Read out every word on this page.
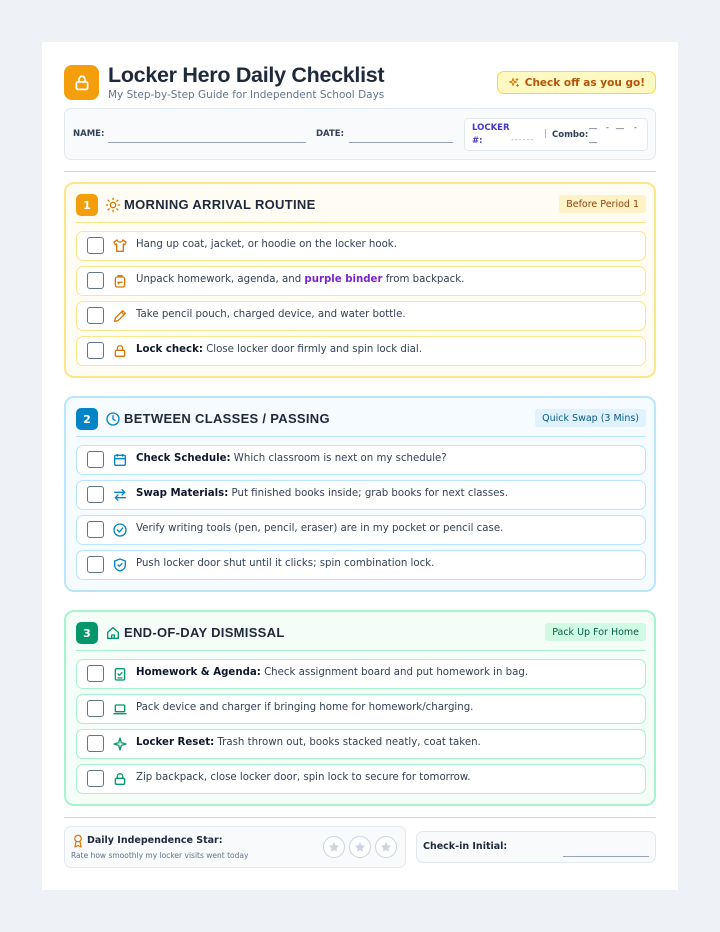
Locker Hero Daily Checklist
My Step-by-Step Guide for Independent School Days
Check off as you go!
NAME:	DATE:
LOCKER #:	------
| Combo:
__ - __ -
__
1	MORNING ARRIVAL ROUTINE	Before Period 1
Hang up coat, jacket, or hoodie on the locker hook.
Unpack homework, agenda, and purple binder from backpack.
Take pencil pouch, charged device, and water bottle.
Lock check: Close locker door firmly and spin lock dial.
2	BETWEEN CLASSES / PASSING	Quick Swap (3 Mins)
Check Schedule: Which classroom is next on my schedule?
Swap Materials: Put finished books inside; grab books for next classes.
Verify writing tools (pen, pencil, eraser) are in my pocket or pencil case.
Push locker door shut until it clicks; spin combination lock.
3	END-OF-DAY DISMISSAL	Pack Up For Home
Homework & Agenda: Check assignment board and put homework in bag.
Pack device and charger if bringing home for homework/charging.
Locker Reset: Trash thrown out, books stacked neatly, coat taken.
Zip backpack, close locker door, spin lock to secure for tomorrow.
Daily Independence Star:
Rate how smoothly my locker visits went today
Check-in Initial:
